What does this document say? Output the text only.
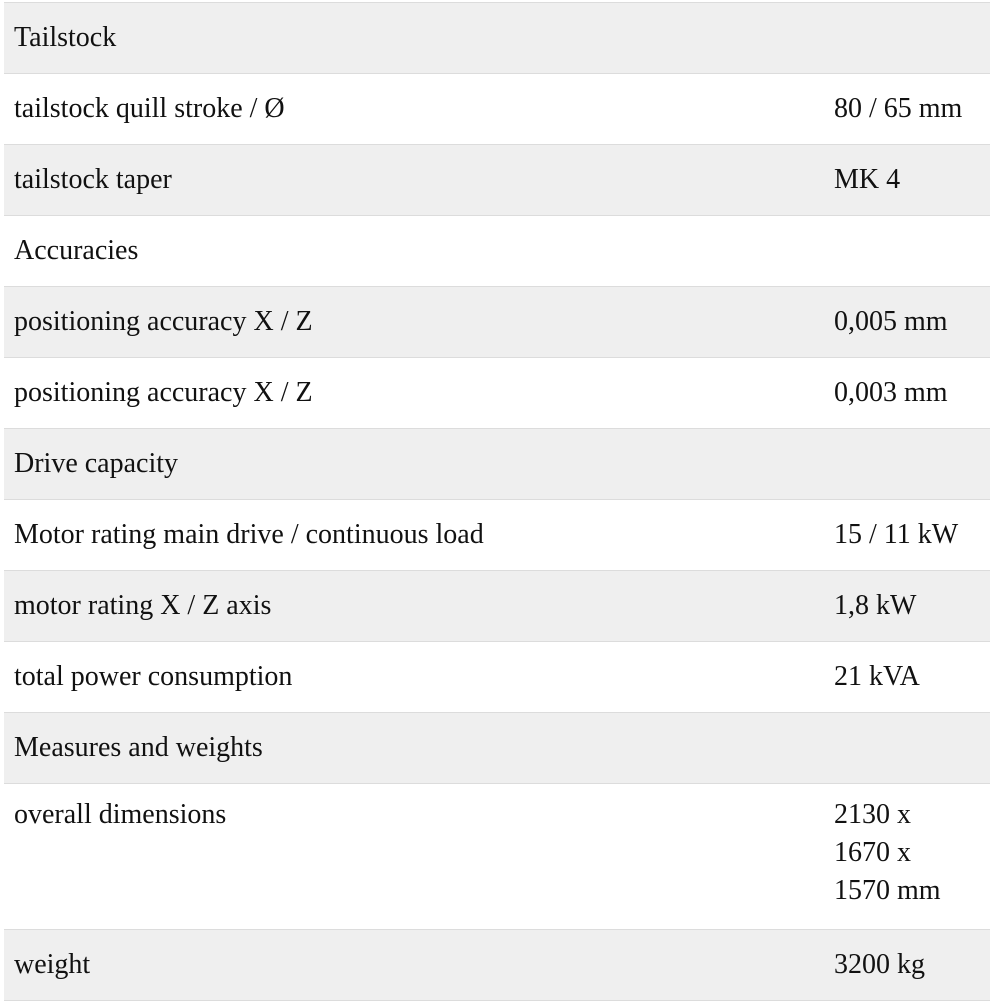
Tailstock	
tailstock quill stroke / Ø	80 / 65 mm
tailstock taper	MK 4
Accuracies	
positioning accuracy X / Z	0,005 mm
positioning accuracy X / Z	0,003 mm
Drive capacity	
Motor rating main drive / continuous load	15 / 11 kW
motor rating X / Z axis	1,8 kW
total power consumption	21 kVA
Measures and weights	
overall dimensions	2130 x
1670 x
1570 mm

weight	3200 kg
